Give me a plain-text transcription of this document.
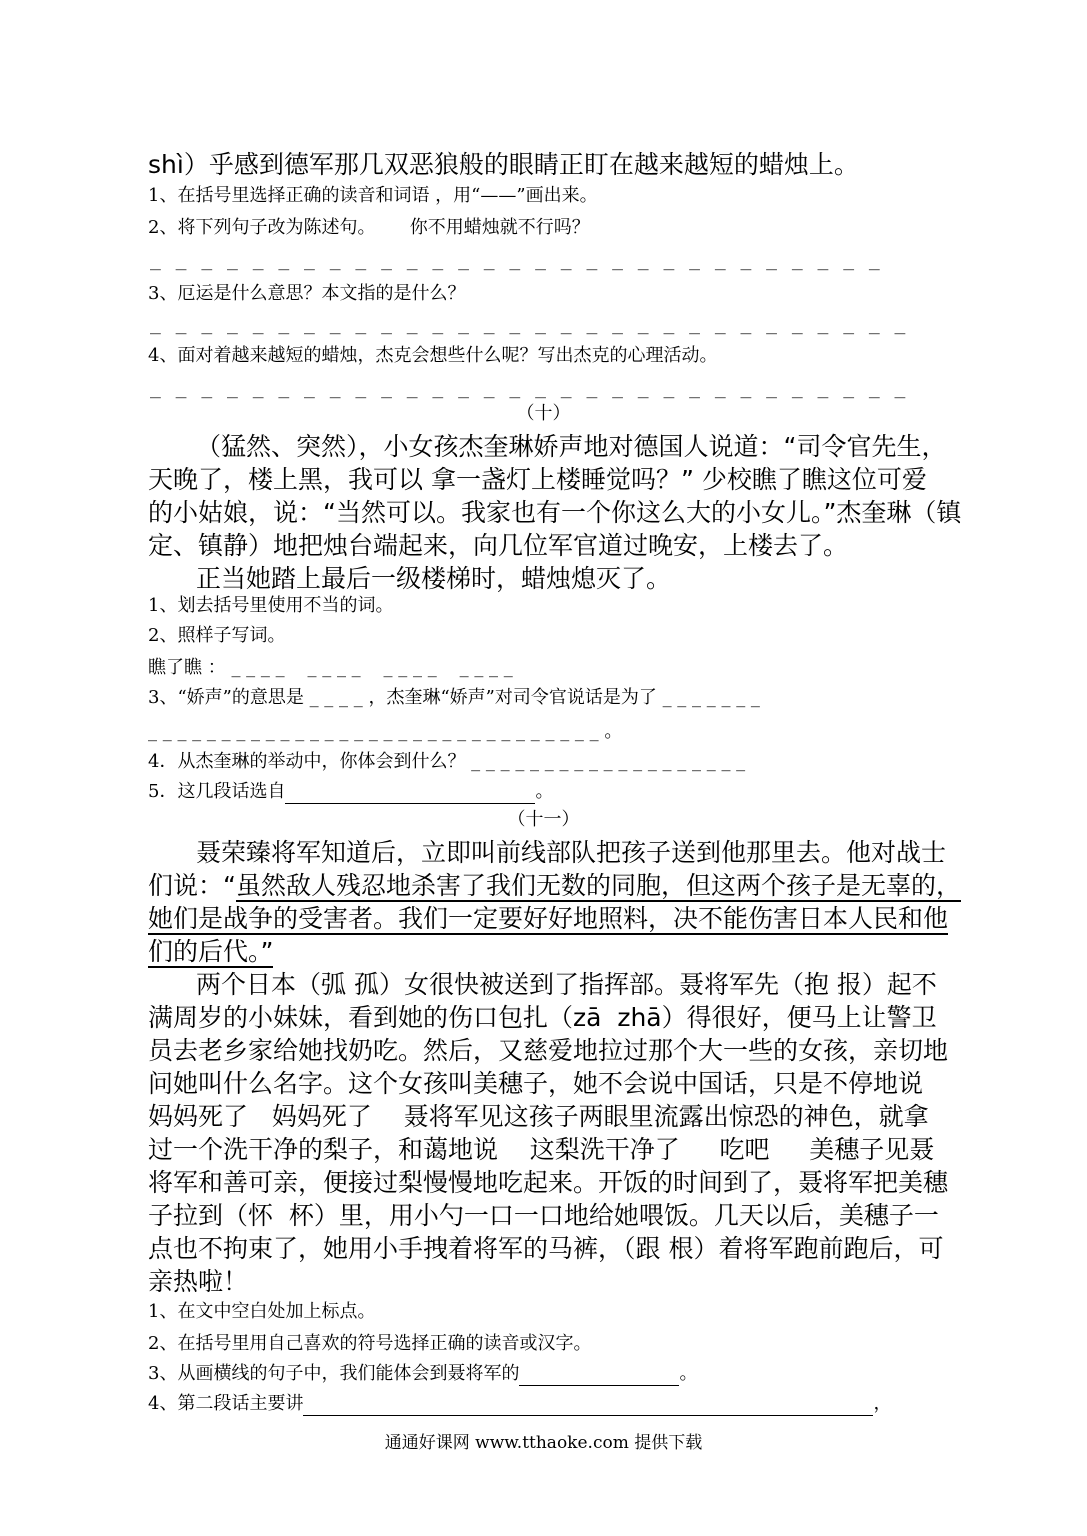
shì）乎感到德军那几双恶狼般的眼睛正盯在越来越短的蜡烛上。
1、在括号里选择正确的读音和词语 ，用“——”画出来。
2、将下列句子改为陈述句。      你不用蜡烛就不行吗？
_ _ _ _ _ _ _ _ _ _ _ _ _ _ _ _ _ _ _ _ _ _ _ _ _ _ _ _ _
3、厄运是什么意思？本文指的是什么？
_ _ _ _ _ _ _ _ _ _ _ _ _ _ _ _ _ _ _ _ _ _ _ _ _ _ _ _ _ _
4、面对着越来越短的蜡烛，杰克会想些什么呢？写出杰克的心理活动。
_ _ _ _ _ _ _ _ _ _ _ _ _ _ _ _ _ _ _ _ _ _ _ _ _ _ _ _ _ _
（十）
（猛然、突然），小女孩杰奎琳娇声地对德国人说道：“司令官先生，
天晚了，楼上黑，我可以 拿一盏灯上楼睡觉吗？” 少校瞧了瞧这位可爱
的小姑娘，说：“当然可以。我家也有一个你这么大的小女儿。”杰奎琳（镇
定、镇静）地把烛台端起来，向几位军官道过晚安，上楼去了。
正当她踏上最后一级楼梯时，蜡烛熄灭了。
1、划去括号里使用不当的词。
2、照样子写词。
瞧了瞧 ： _ _ _ _    _ _ _ _    _ _ _ _    _ _ _ _
3、“娇声”的意思是 _ _ _ _ ，杰奎琳“娇声”对司令官说话是为了 _ _ _ _ _ _ _
_ _ _ _ _ _ _ _ _ _ _ _ _ _ _ _ _ _ _ _ _ _ _ _ _ _ _ _ _ _ _ 。
4．从杰奎琳的举动中，你体会到什么？ _ _ _ _ _ _ _ _ _ _ _ _ _ _ _ _ _ _ _
5．这几段话选自	。
（十一）
聂荣臻将军知道后，立即叫前线部队把孩子送到他那里去。他对战士
们说：“虽然敌人残忍地杀害了我们无数的同胞，但这两个孩子是无辜的，
她们是战争的受害者。我们一定要好好地照料，决不能伤害日本人民和他
们的后代。”
两个日本（弧 孤）女很快被送到了指挥部。聂将军先（抱 报）起不
满周岁的小妹妹，看到她的伤口包扎（zā  zhā）得很好，便马上让警卫
员去老乡家给她找奶吃。然后，又慈爱地拉过那个大一些的女孩，亲切地
问她叫什么名字。这个女孩叫美穗子，她不会说中国话，只是不停地说
妈妈死了   妈妈死了    聂将军见这孩子两眼里流露出惊恐的神色，就拿
过一个洗干净的梨子，和蔼地说    这梨洗干净了     吃吧     美穗子见聂
将军和善可亲，便接过梨慢慢地吃起来。开饭的时间到了，聂将军把美穗
子拉到（怀  杯）里，用小勺一口一口地给她喂饭。几天以后，美穗子一
点也不拘束了，她用小手拽着将军的马裤，（跟 根）着将军跑前跑后，可
亲热啦！
1、在文中空白处加上标点。
2、在括号里用自己喜欢的符号选择正确的读音或汉字。
3、从画横线的句子中，我们能体会到聂将军的	。
4、第二段话主要讲	，
通通好课网 www.tthaoke.com 提供下载
